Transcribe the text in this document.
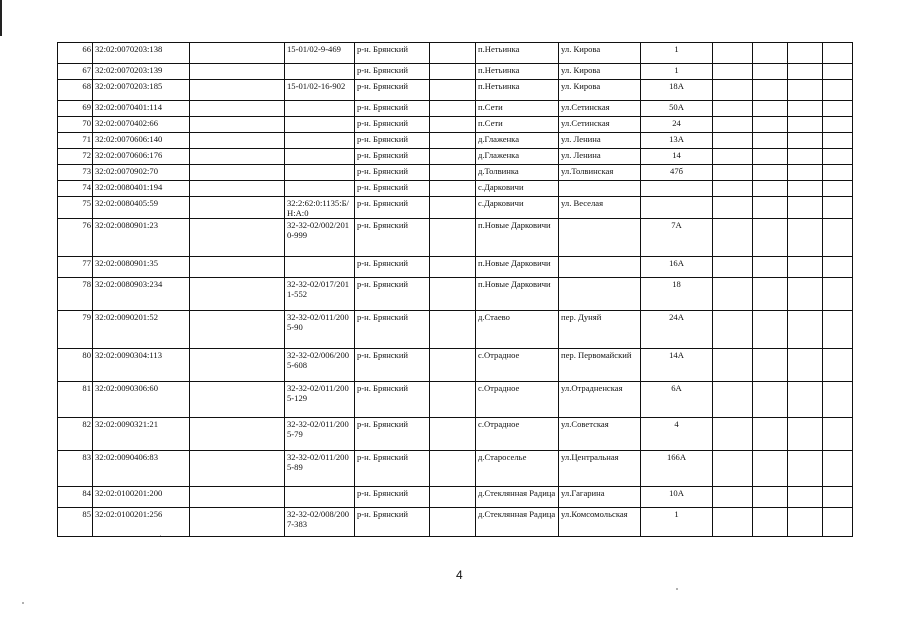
66	32:02:0070203:138		15-01/02-9-469	р-н. Брянский		п.Нетьинка	ул. Кирова	1				
67	32:02:0070203:139			р-н. Брянский		п.Нетьинка	ул. Кирова	1				
68	32:02:0070203:185		15-01/02-16-902	р-н. Брянский		п.Нетьинка	ул. Кирова	18А				
69	32:02:0070401:114			р-н. Брянский		п.Сети	ул.Сетинская	50А				
70	32:02:0070402:66			р-н. Брянский		п.Сети	ул.Сетинская	24				
71	32:02:0070606:140			р-н. Брянский		д.Глаженка	ул. Ленина	13А				
72	32:02:0070606:176			р-н. Брянский		д.Глаженка	ул. Ленина	14				
73	32:02:0070902:70			р-н. Брянский		д.Толвинка	ул.Толвинская	47б				
74	32:02:0080401:194			р-н. Брянский		с.Дарковичи						
75	32:02:0080405:59		32:2:62:0:1135:Б/Н:А:0	р-н. Брянский		с.Дарковичи	ул. Веселая					
76	32:02:0080901:23		32-32-02/002/2010-999	р-н. Брянский		п.Новые Дарковичи		7А				
77	32:02:0080901:35			р-н. Брянский		п.Новые Дарковичи		16А				
78	32:02:0080903:234		32-32-02/017/2011-552	р-н. Брянский		п.Новые Дарковичи		18				
79	32:02:0090201:52		32-32-02/011/2005-90	р-н. Брянский		д.Стаево	пер. Дуняй	24А				
80	32:02:0090304:113		32-32-02/006/2005-608	р-н. Брянский		с.Отрадное	пер. Первомайский	14А				
81	32:02:0090306:60		32-32-02/011/2005-129	р-н. Брянский		с.Отрадное	ул.Отрадненская	6А				
82	32:02:0090321:21		32-32-02/011/2005-79	р-н. Брянский		с.Отрадное	ул.Советская	4				
83	32:02:0090406:83		32-32-02/011/2005-89	р-н. Брянский		д.Староселье	ул.Центральная	166А				
84	32:02:0100201:200			р-н. Брянский		д.Стеклянная Радица	ул.Гагарина	10А				
85	32:02:0100201:256		32-32-02/008/2007-383	р-н. Брянский		д.Стеклянная Радица	ул.Комсомольская	1				
4
